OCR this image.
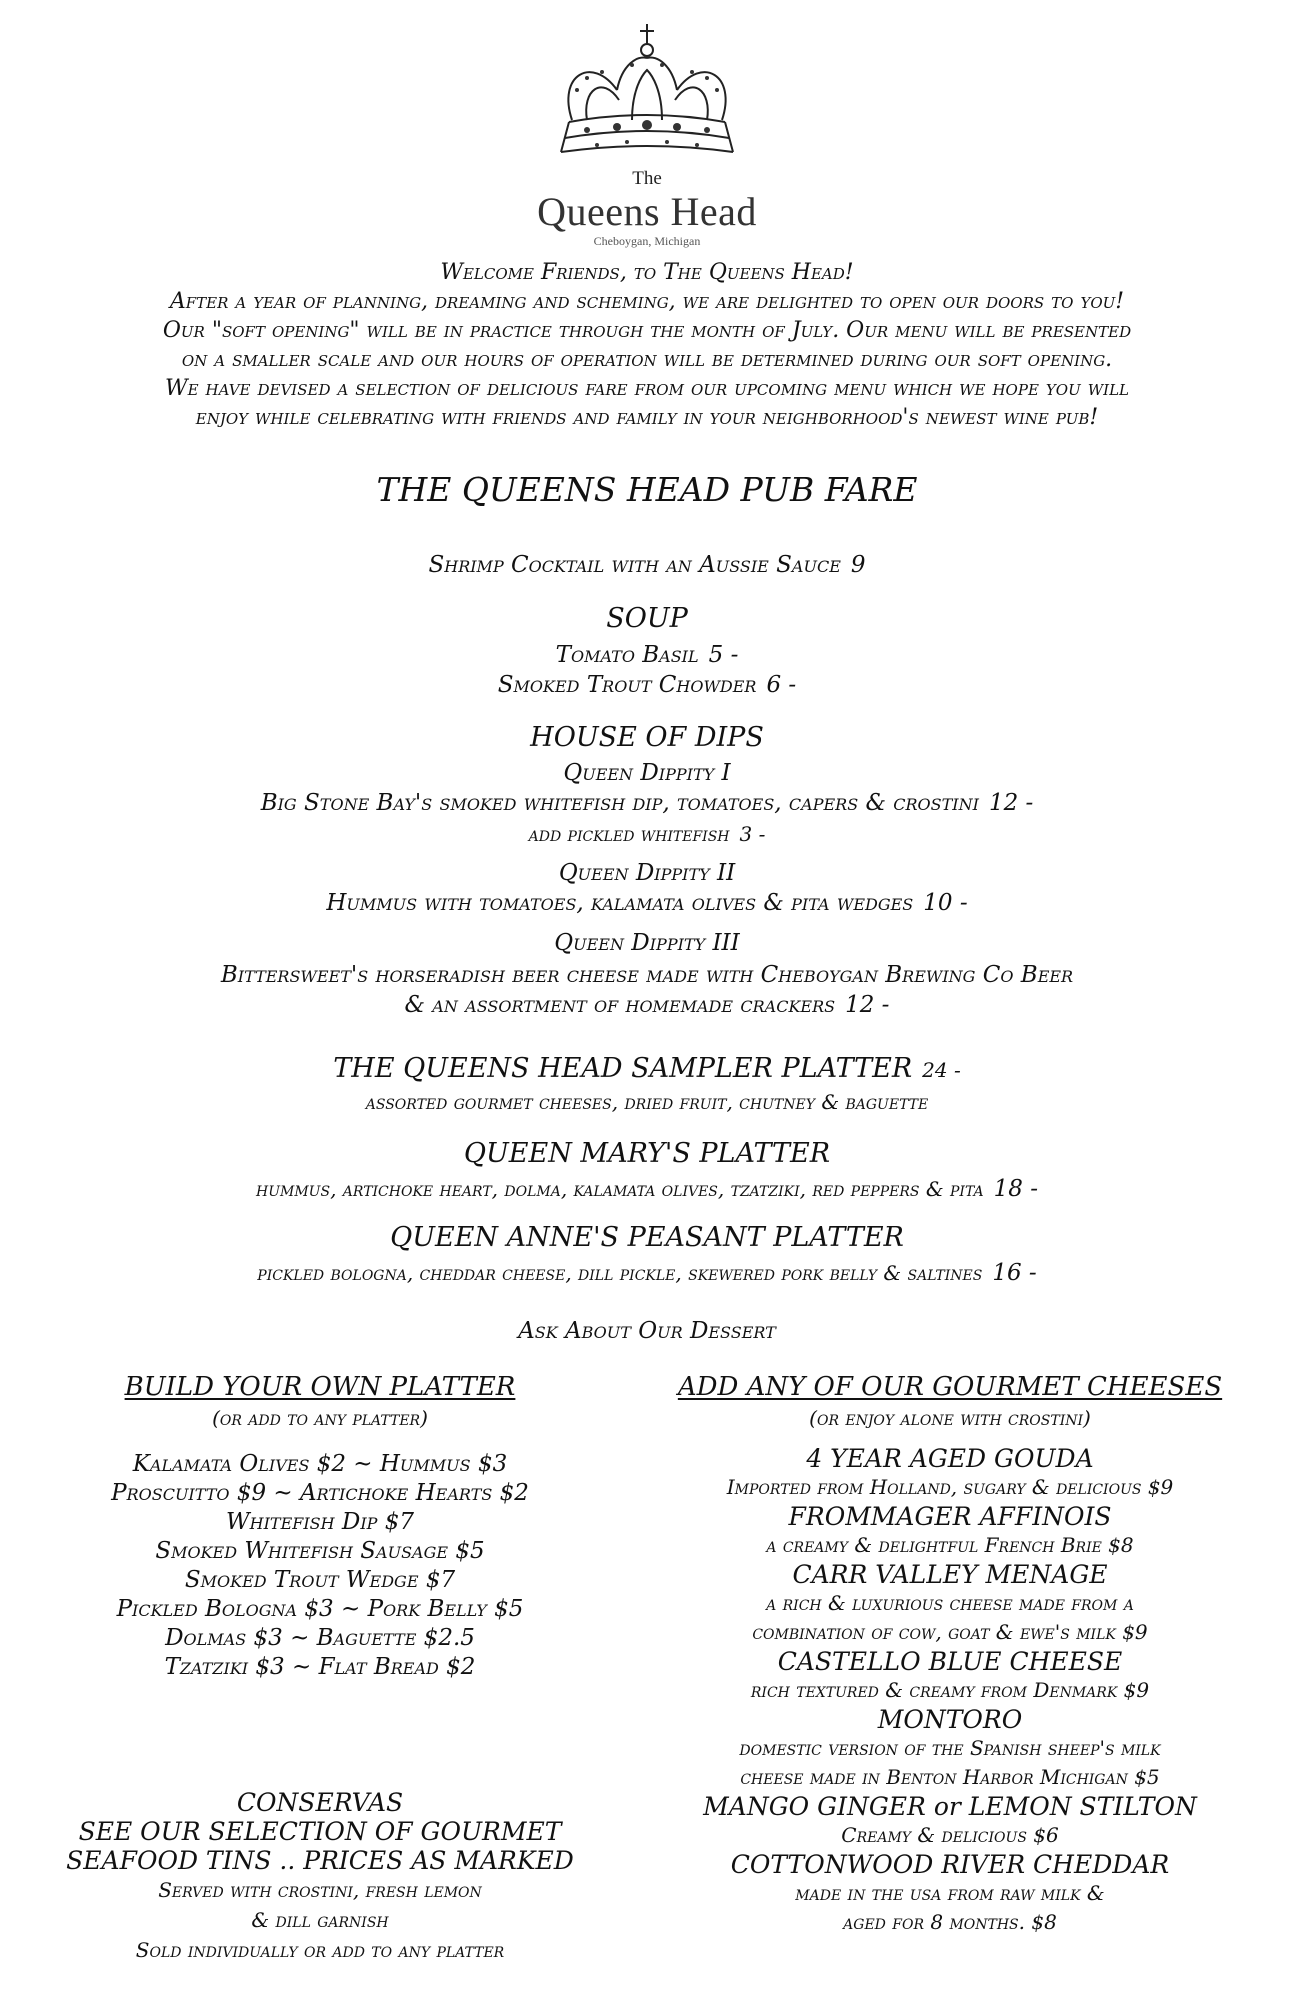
The
Queens Head
Cheboygan, Michigan
Welcome Friends, to The Queens Head!
After a year of planning, dreaming and scheming, we are delighted to open our doors to you!
Our "soft opening" will be in practice through the month of July. Our menu will be presented
on a smaller scale and our hours of operation will be determined during our soft opening.
We have devised a selection of delicious fare from our upcoming menu which we hope you will
enjoy while celebrating with friends and family in your neighborhood's newest wine pub!
THE QUEENS HEAD PUB FARE
Shrimp Cocktail with an Aussie Sauce 9
SOUP
Tomato Basil 5 -
Smoked Trout Chowder 6 -
HOUSE OF DIPS
Queen Dippity I
Big Stone Bay's smoked whitefish dip, tomatoes, capers & crostini 12 -
add pickled whitefish 3 -
Queen Dippity II
Hummus with tomatoes, kalamata olives & pita wedges 10 -
Queen Dippity III
Bittersweet's horseradish beer cheese made with Cheboygan Brewing Co Beer
& an assortment of homemade crackers 12 -
THE QUEENS HEAD SAMPLER PLATTER 24 -
assorted gourmet cheeses, dried fruit, chutney & baguette
QUEEN MARY'S PLATTER
hummus, artichoke heart, dolma, kalamata olives, tzatziki, red peppers & pita 18 -
QUEEN ANNE'S PEASANT PLATTER
pickled bologna, cheddar cheese, dill pickle, skewered pork belly & saltines 16 -
Ask About Our Dessert
BUILD YOUR OWN PLATTER
(or add to any platter)
Kalamata Olives $2 ~ Hummus $3
Proscuitto $9 ~ Artichoke Hearts $2
Whitefish Dip $7
Smoked Whitefish Sausage $5
Smoked Trout Wedge $7
Pickled Bologna $3 ~ Pork Belly $5
Dolmas $3 ~ Baguette $2.5
Tzatziki $3 ~ Flat Bread $2
CONSERVAS
SEE OUR SELECTION OF GOURMET
SEAFOOD TINS .. PRICES AS MARKED
Served with crostini, fresh lemon
& dill garnish
Sold individually or add to any platter
ADD ANY OF OUR GOURMET CHEESES
(or enjoy alone with crostini)
4 YEAR AGED GOUDA
Imported from Holland, sugary & delicious $9
FROMMAGER AFFINOIS
a creamy & delightful French Brie $8
CARR VALLEY MENAGE
a rich & luxurious cheese made from a
combination of cow, goat & ewe's milk $9
CASTELLO BLUE CHEESE
rich textured & creamy from Denmark $9
MONTORO
domestic version of the Spanish sheep's milk
cheese made in Benton Harbor Michigan $5
MANGO GINGER or LEMON STILTON
Creamy & delicious $6
COTTONWOOD RIVER CHEDDAR
made in the usa from raw milk &
aged for 8 months. $8
